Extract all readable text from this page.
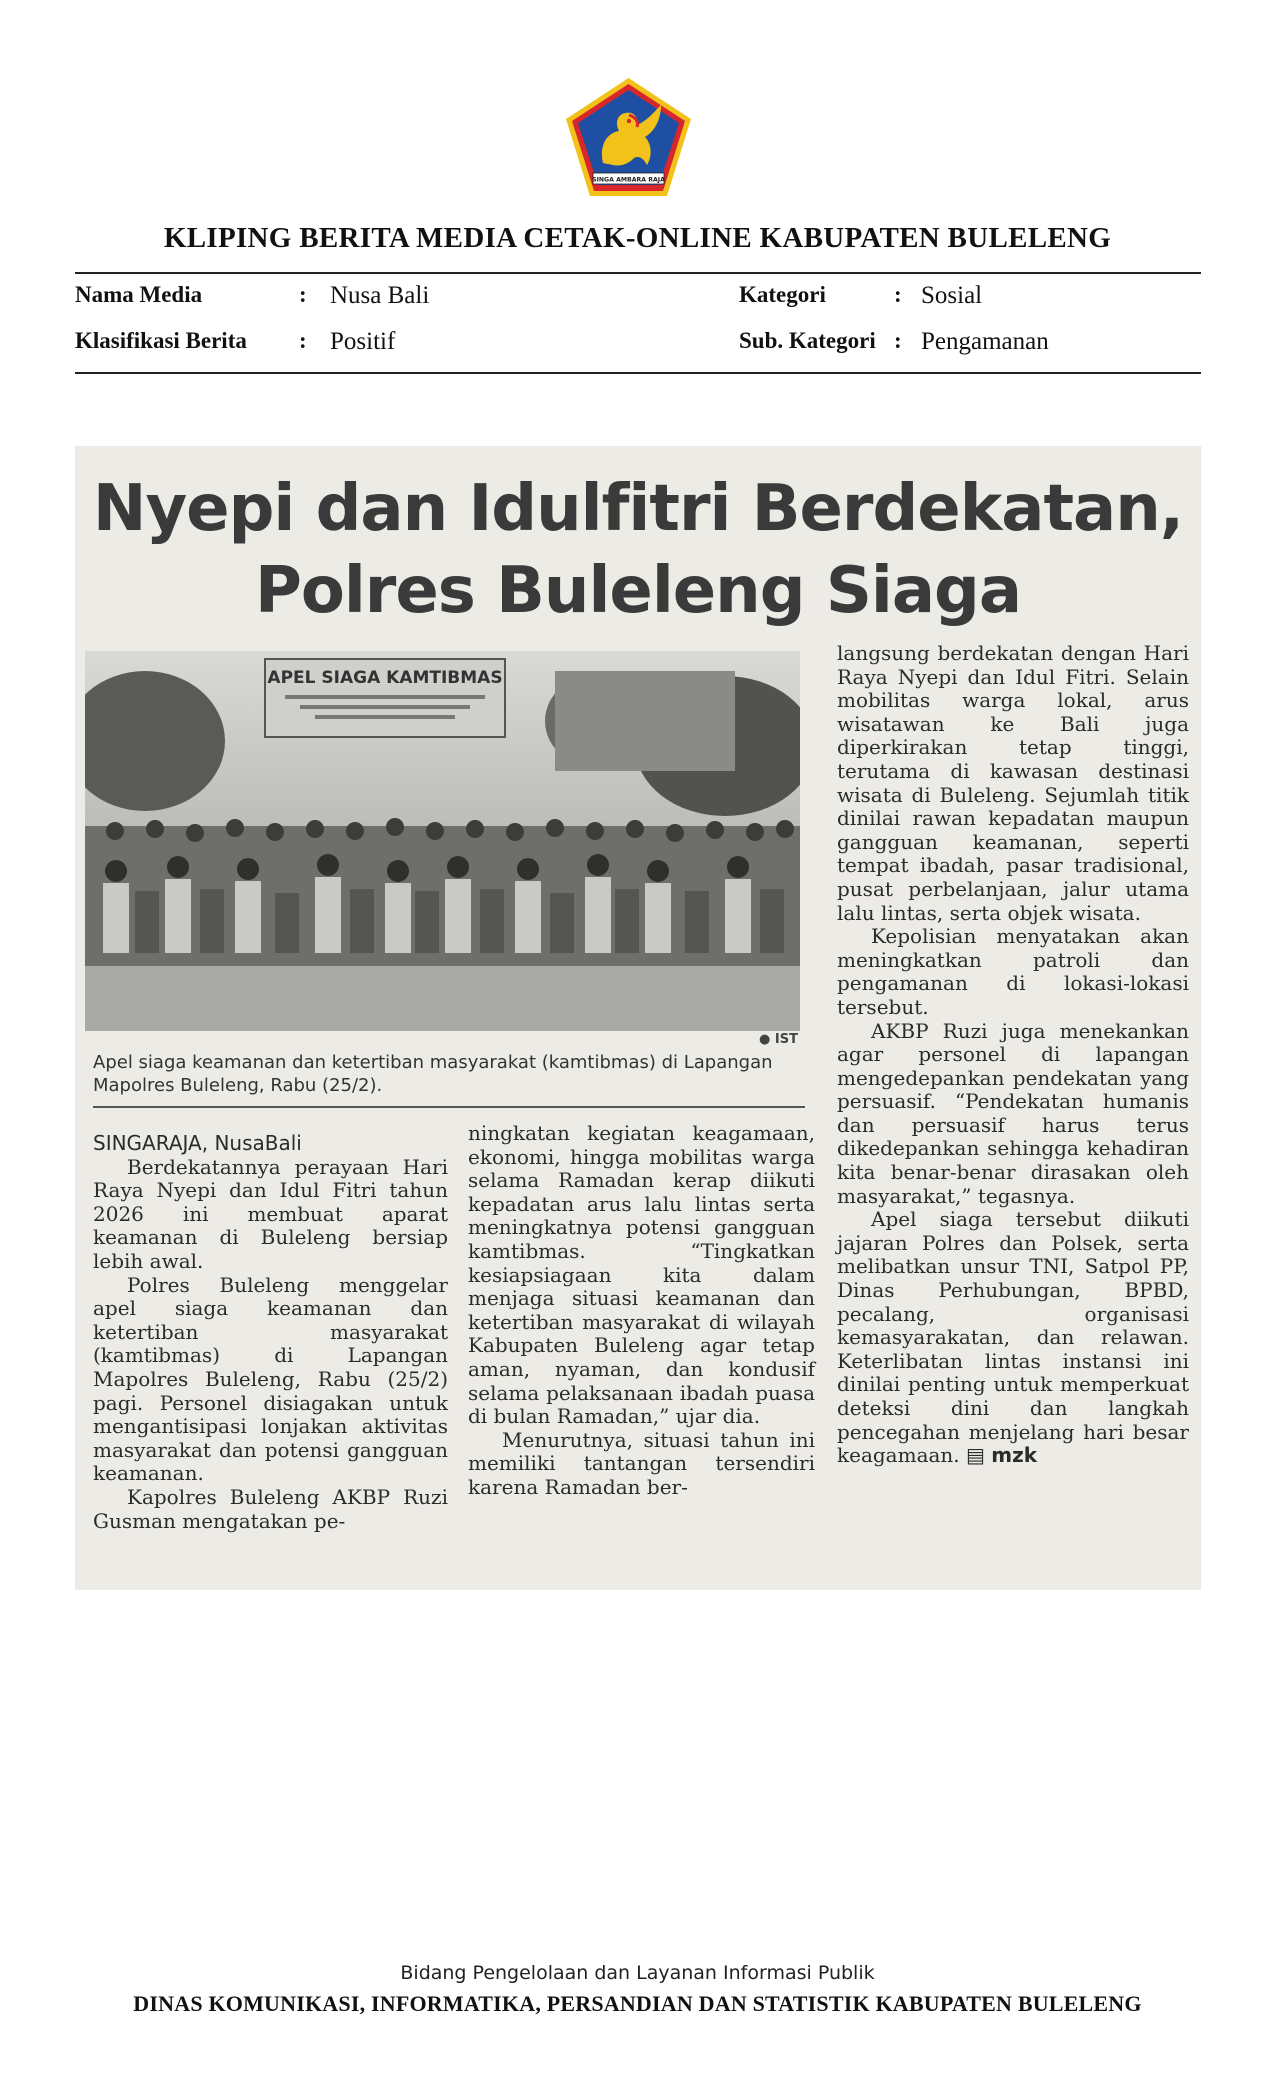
SINGA AMBARA RAJA
KLIPING BERITA MEDIA CETAK-ONLINE KABUPATEN BULELENG
Nama Media	: Nusa Bali	Kategori	: Sosial
Klasifikasi Berita : Positif	Sub. Kategori : Pengamanan
Nyepi dan Idulfitri Berdekatan,
Polres Buleleng Siaga
APEL SIAGA KAMTIBMAS
● IST
Apel siaga keamanan dan ketertiban masyarakat (kamtibmas) di Lapangan Mapolres Buleleng, Rabu (25/2).

SINGARAJA, NusaBali

Berdekatannya perayaan Hari Raya Nyepi dan Idul Fitri tahun 2026 ini membuat aparat keamanan di Buleleng bersiap lebih awal.

Polres Buleleng menggelar apel siaga keamanan dan ketertiban masyarakat (kamtibmas) di Lapangan Mapolres Buleleng, Rabu (25/2) pagi. Personel disiagakan untuk mengantisipasi lonjakan aktivitas masyarakat dan potensi gangguan keamanan.

Kapolres Buleleng AKBP Ruzi Gusman mengatakan pe-

ningkatan kegiatan keagamaan, ekonomi, hingga mobilitas warga selama Ramadan kerap diikuti kepadatan arus lalu lintas serta meningkatnya potensi gangguan kamtibmas. “Tingkatkan kesiapsiagaan kita dalam menjaga situasi keamanan dan ketertiban masyarakat di wilayah Kabupaten Buleleng agar tetap aman, nyaman, dan kondusif selama pelaksanaan ibadah puasa di bulan Ramadan,” ujar dia.

Menurutnya, situasi tahun ini memiliki tantangan tersendiri karena Ramadan ber-

langsung berdekatan dengan Hari Raya Nyepi dan Idul Fitri. Selain mobilitas warga lokal, arus wisatawan ke Bali juga diperkirakan tetap tinggi, terutama di kawasan destinasi wisata di Buleleng. Sejumlah titik dinilai rawan kepadatan maupun gangguan keamanan, seperti tempat ibadah, pasar tradisional, pusat perbelanjaan, jalur utama lalu lintas, serta objek wisata.

Kepolisian menyatakan akan meningkatkan patroli dan pengamanan di lokasi-lokasi tersebut.

AKBP Ruzi juga menekankan agar personel di lapangan mengedepankan pendekatan yang persuasif. “Pendekatan humanis dan persuasif harus terus dikedepankan sehingga kehadiran kita benar-benar dirasakan oleh masyarakat,” tegasnya.

Apel siaga tersebut diikuti jajaran Polres dan Polsek, serta melibatkan unsur TNI, Satpol PP, Dinas Perhubungan, BPBD, pecalang, organisasi kemasyarakatan, dan relawan. Keterlibatan lintas instansi ini dinilai penting untuk memperkuat deteksi dini dan langkah pencegahan menjelang hari besar keagamaan. ▤ mzk

Bidang Pengelolaan dan Layanan Informasi Publik
DINAS KOMUNIKASI, INFORMATIKA, PERSANDIAN DAN STATISTIK KABUPATEN BULELENG
